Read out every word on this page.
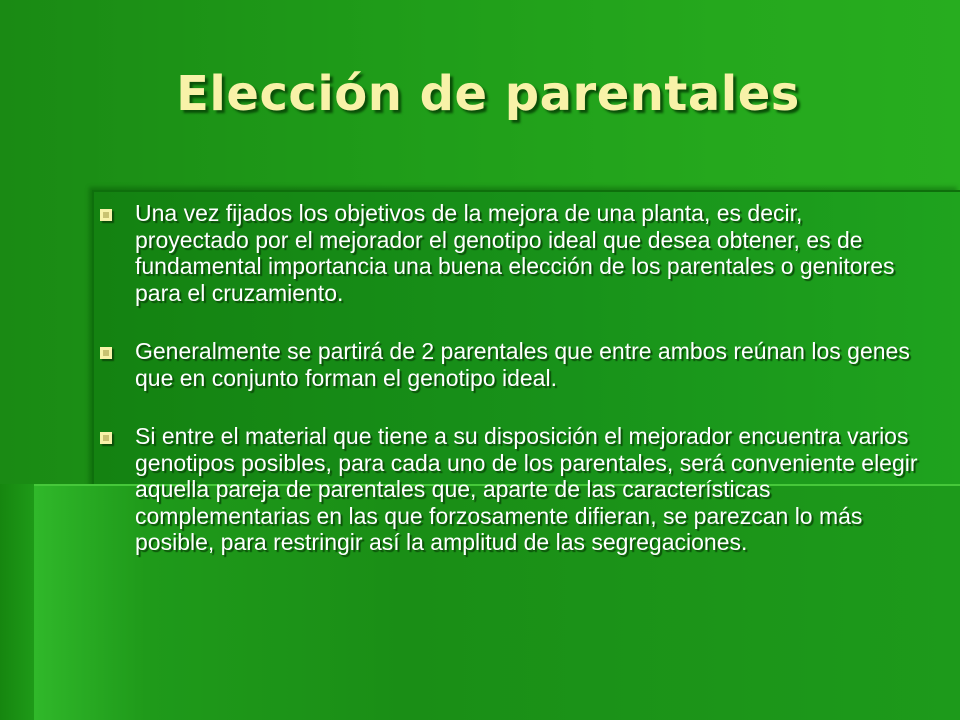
Elección de parentales
Una vez fijados los objetivos de la mejora de una planta, es decir, proyectado por el mejorador el genotipo ideal que desea obtener, es de fundamental importancia una buena elección de los parentales o genitores para el cruzamiento.
Generalmente se partirá de 2 parentales que entre ambos reúnan los genes que en conjunto forman el genotipo ideal.
Si entre el material que tiene a su disposición el mejorador encuentra varios genotipos posibles, para cada uno de los parentales, será conveniente elegir aquella pareja de parentales que, aparte de las características complementarias en las que forzosamente difieran, se parezcan lo más posible, para restringir así la amplitud de las segregaciones.
